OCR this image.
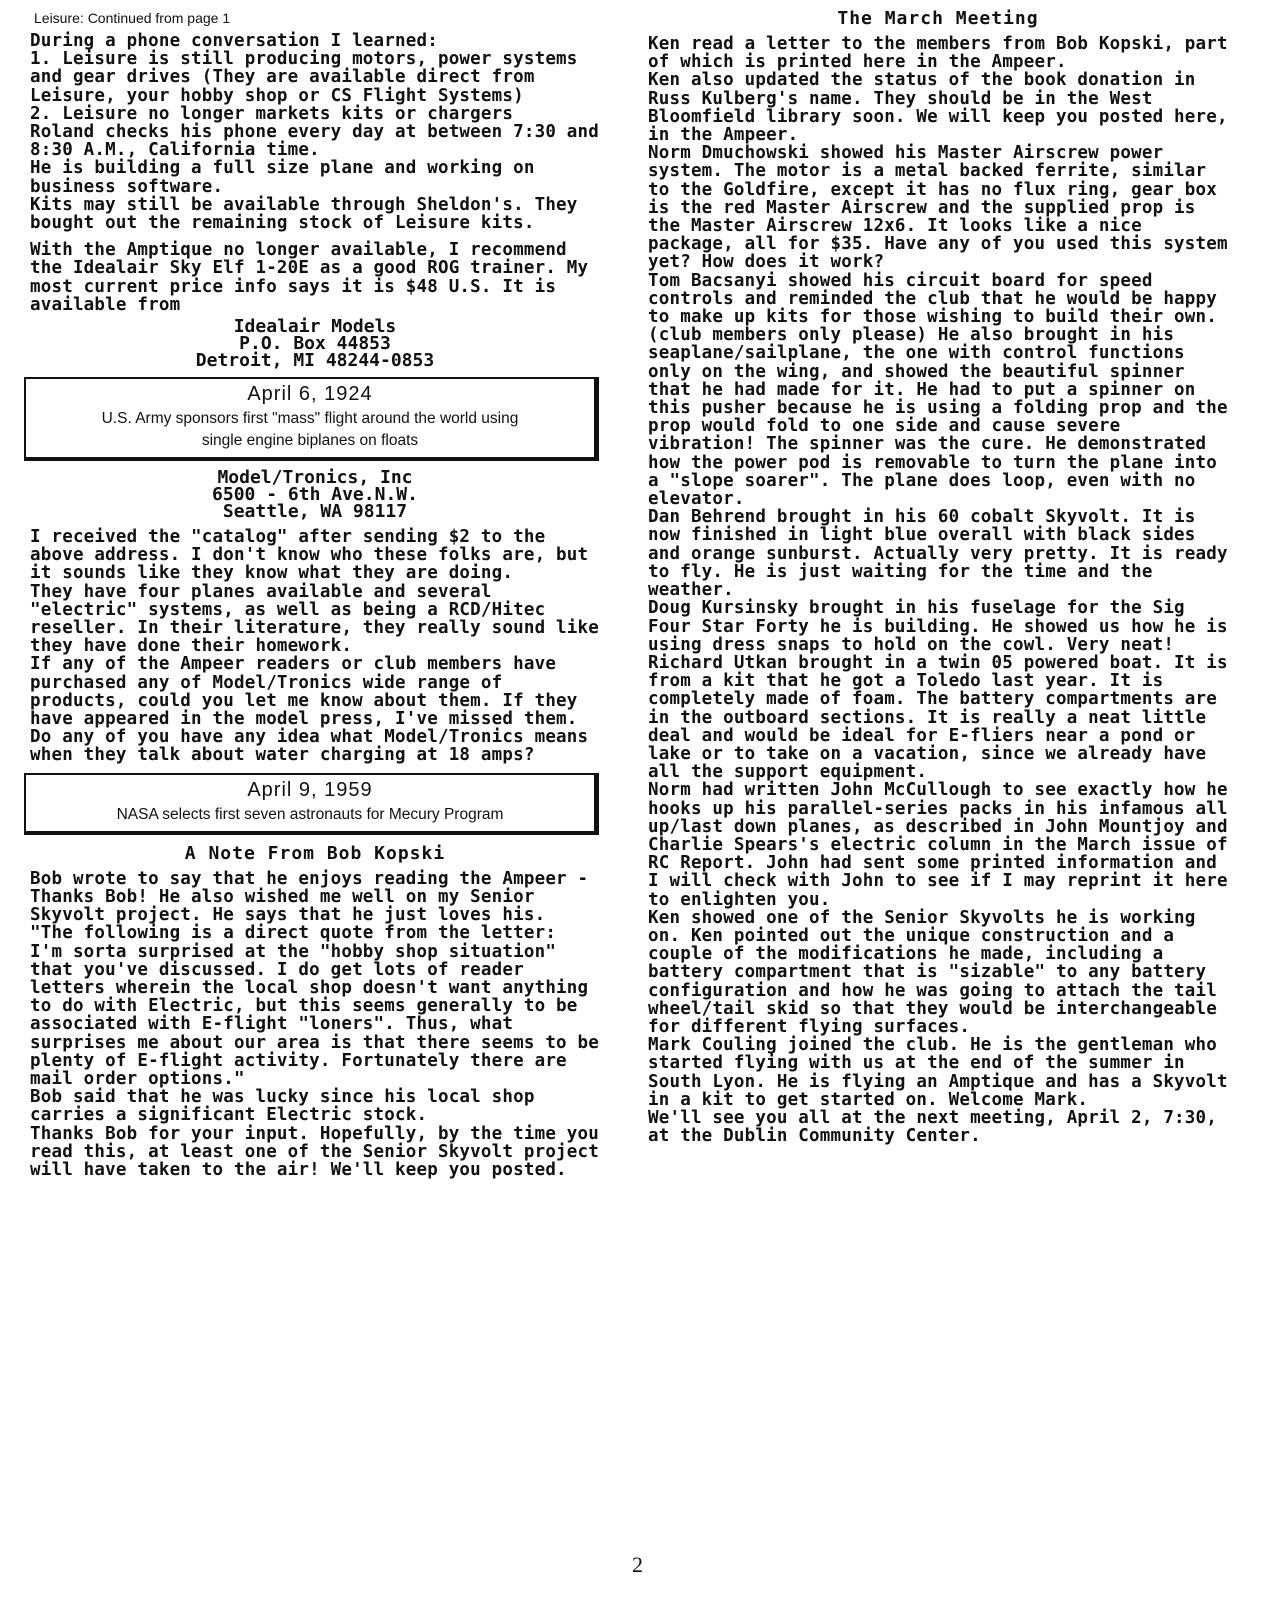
Leisure: Continued from page 1

During a phone conversation I learned:

1. Leisure is still producing motors, power systems and gear drives (They are available direct from Leisure, your hobby shop or CS Flight Systems)

2. Leisure no longer markets kits or chargers

Roland checks his phone every day at between 7:30 and 8:30 A.M., California time.

He is building a full size plane and working on business software.

Kits may still be available through Sheldon's. They bought out the remaining stock of Leisure kits.

With the Amptique no longer available, I recommend the Idealair Sky Elf 1-20E as a good ROG trainer. My most current price info says it is $48 U.S. It is available from

Idealair Models
P.O. Box 44853
Detroit, MI 48244-0853
April 6, 1924
U.S. Army sponsors first "mass" flight around the world using
single engine biplanes on floats
Model/Tronics, Inc
6500 - 6th Ave.N.W.
Seattle, WA 98117

I received the "catalog" after sending $2 to the above address. I don't know who these folks are, but it sounds like they know what they are doing.

They have four planes available and several "electric" systems, as well as being a RCD/Hitec reseller. In their literature, they really sound like they have done their homework.

If any of the Ampeer readers or club members have purchased any of Model/Tronics wide range of products, could you let me know about them. If they have appeared in the model press, I've missed them.

Do any of you have any idea what Model/Tronics means when they talk about water charging at 18 amps?

April 9, 1959
NASA selects first seven astronauts for Mecury Program
A Note From Bob Kopski

Bob wrote to say that he enjoys reading the Ampeer - Thanks Bob! He also wished me well on my Senior Skyvolt project. He says that he just loves his.

"The following is a direct quote from the letter:

I'm sorta surprised at the "hobby shop situation" that you've discussed. I do get lots of reader letters wherein the local shop doesn't want anything to do with Electric, but this seems generally to be associated with E-flight "loners". Thus, what surprises me about our area is that there seems to be plenty of E-flight activity. Fortunately there are mail order options."

Bob said that he was lucky since his local shop carries a significant Electric stock.

Thanks Bob for your input. Hopefully, by the time you read this, at least one of the Senior Skyvolt project will have taken to the air! We'll keep you posted.

The March Meeting

Ken read a letter to the members from Bob Kopski, part of which is printed here in the Ampeer.

Ken also updated the status of the book donation in Russ Kulberg's name. They should be in the West Bloomfield library soon. We will keep you posted here, in the Ampeer.

Norm Dmuchowski showed his Master Airscrew power system. The motor is a metal backed ferrite, similar to the Goldfire, except it has no flux ring, gear box is the red Master Airscrew and the supplied prop is the Master Airscrew 12x6. It looks like a nice package, all for $35. Have any of you used this system yet? How does it work?

Tom Bacsanyi showed his circuit board for speed controls and reminded the club that he would be happy to make up kits for those wishing to build their own. (club members only please) He also brought in his seaplane/sailplane, the one with control functions only on the wing, and showed the beautiful spinner that he had made for it. He had to put a spinner on this pusher because he is using a folding prop and the prop would fold to one side and cause severe vibration! The spinner was the cure. He demonstrated how the power pod is removable to turn the plane into a "slope soarer". The plane does loop, even with no elevator.

Dan Behrend brought in his 60 cobalt Skyvolt. It is now finished in light blue overall with black sides and orange sunburst. Actually very pretty. It is ready to fly. He is just waiting for the time and the weather.

Doug Kursinsky brought in his fuselage for the Sig Four Star Forty he is building. He showed us how he is using dress snaps to hold on the cowl. Very neat!

Richard Utkan brought in a twin 05 powered boat. It is from a kit that he got a Toledo last year. It is completely made of foam. The battery compartments are in the outboard sections. It is really a neat little deal and would be ideal for E-fliers near a pond or lake or to take on a vacation, since we already have all the support equipment.

Norm had written John McCullough to see exactly how he hooks up his parallel-series packs in his infamous all up/last down planes, as described in John Mountjoy and Charlie Spears's electric column in the March issue of RC Report. John had sent some printed information and I will check with John to see if I may reprint it here to enlighten you.

Ken showed one of the Senior Skyvolts he is working on. Ken pointed out the unique construction and a couple of the modifications he made, including a battery compartment that is "sizable" to any battery configuration and how he was going to attach the tail wheel/tail skid so that they would be interchangeable for different flying surfaces.

Mark Couling joined the club. He is the gentleman who started flying with us at the end of the summer in South Lyon. He is flying an Amptique and has a Skyvolt in a kit to get started on. Welcome Mark.

We'll see you all at the next meeting, April 2, 7:30, at the Dublin Community Center.

2
